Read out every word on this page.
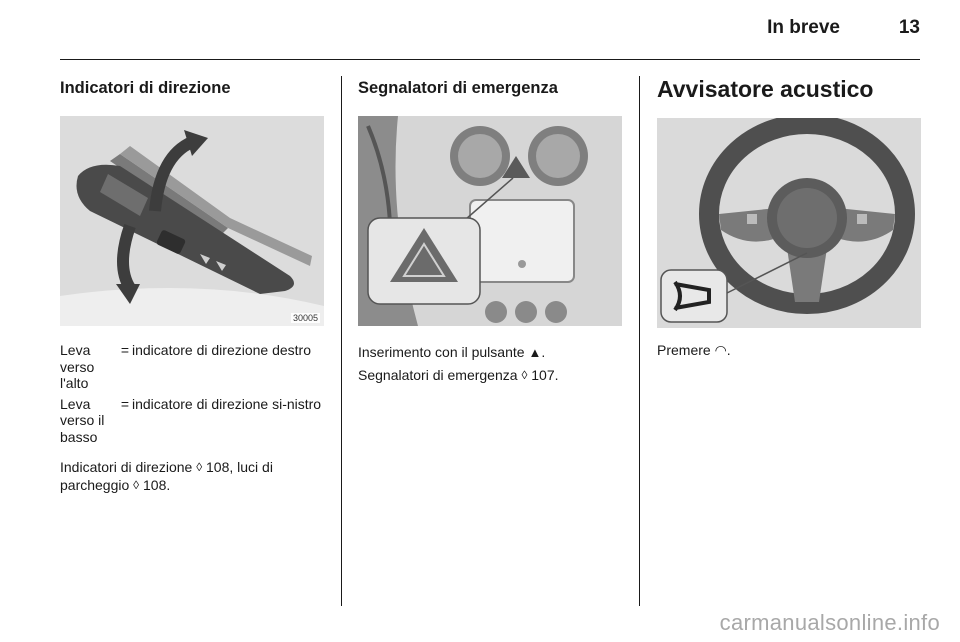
In breve	13
Indicatori di direzione
30005
Leva verso l'alto
= indicatore di direzione destro
Leva verso il basso
= indicatore di direzione si-nistro

Indicatori di direzione ◊ 108, luci di parcheggio ◊ 108.

Segnalatori di emergenza

Inserimento con il pulsante ▲.

Segnalatori di emergenza ◊ 107.

Avvisatore acustico

Premere ◠.

carmanualsonline.info
